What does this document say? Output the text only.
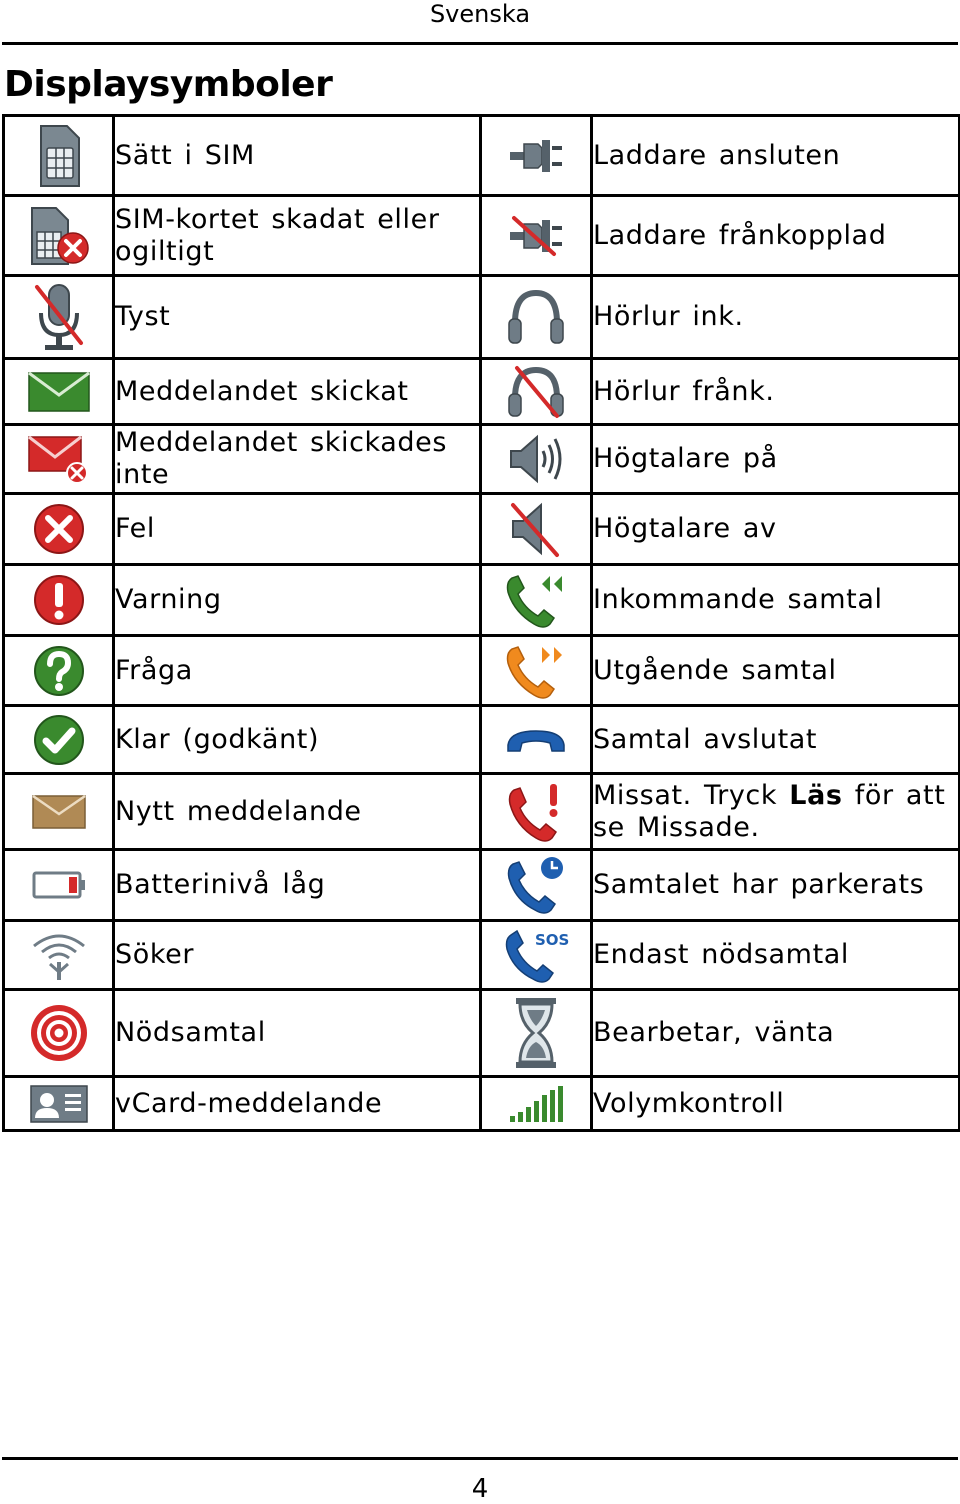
Svenska
Displaysymboler
	Sätt i SIM		Laddare ansluten

	SIM-kortet skadat eller ogiltigt		Laddare frånkopplad

	Tyst		Hörlur ink.

	Meddelandet skickat		Hörlur frånk.

	Meddelandet skickades inte		Högtalare på

	Fel		Högtalare av

	Varning		Inkommande samtal

	Fråga		Utgående samtal

	Klar (godkänt)		Samtal avslutat

	Nytt meddelande		Missat. Tryck Läs för att se Missade.

	Batterinivå låg		Samtalet har parkerats

	Söker	SOS	Endast nödsamtal

	Nödsamtal		Bearbetar, vänta

	vCard-meddelande		Volymkontroll
4
